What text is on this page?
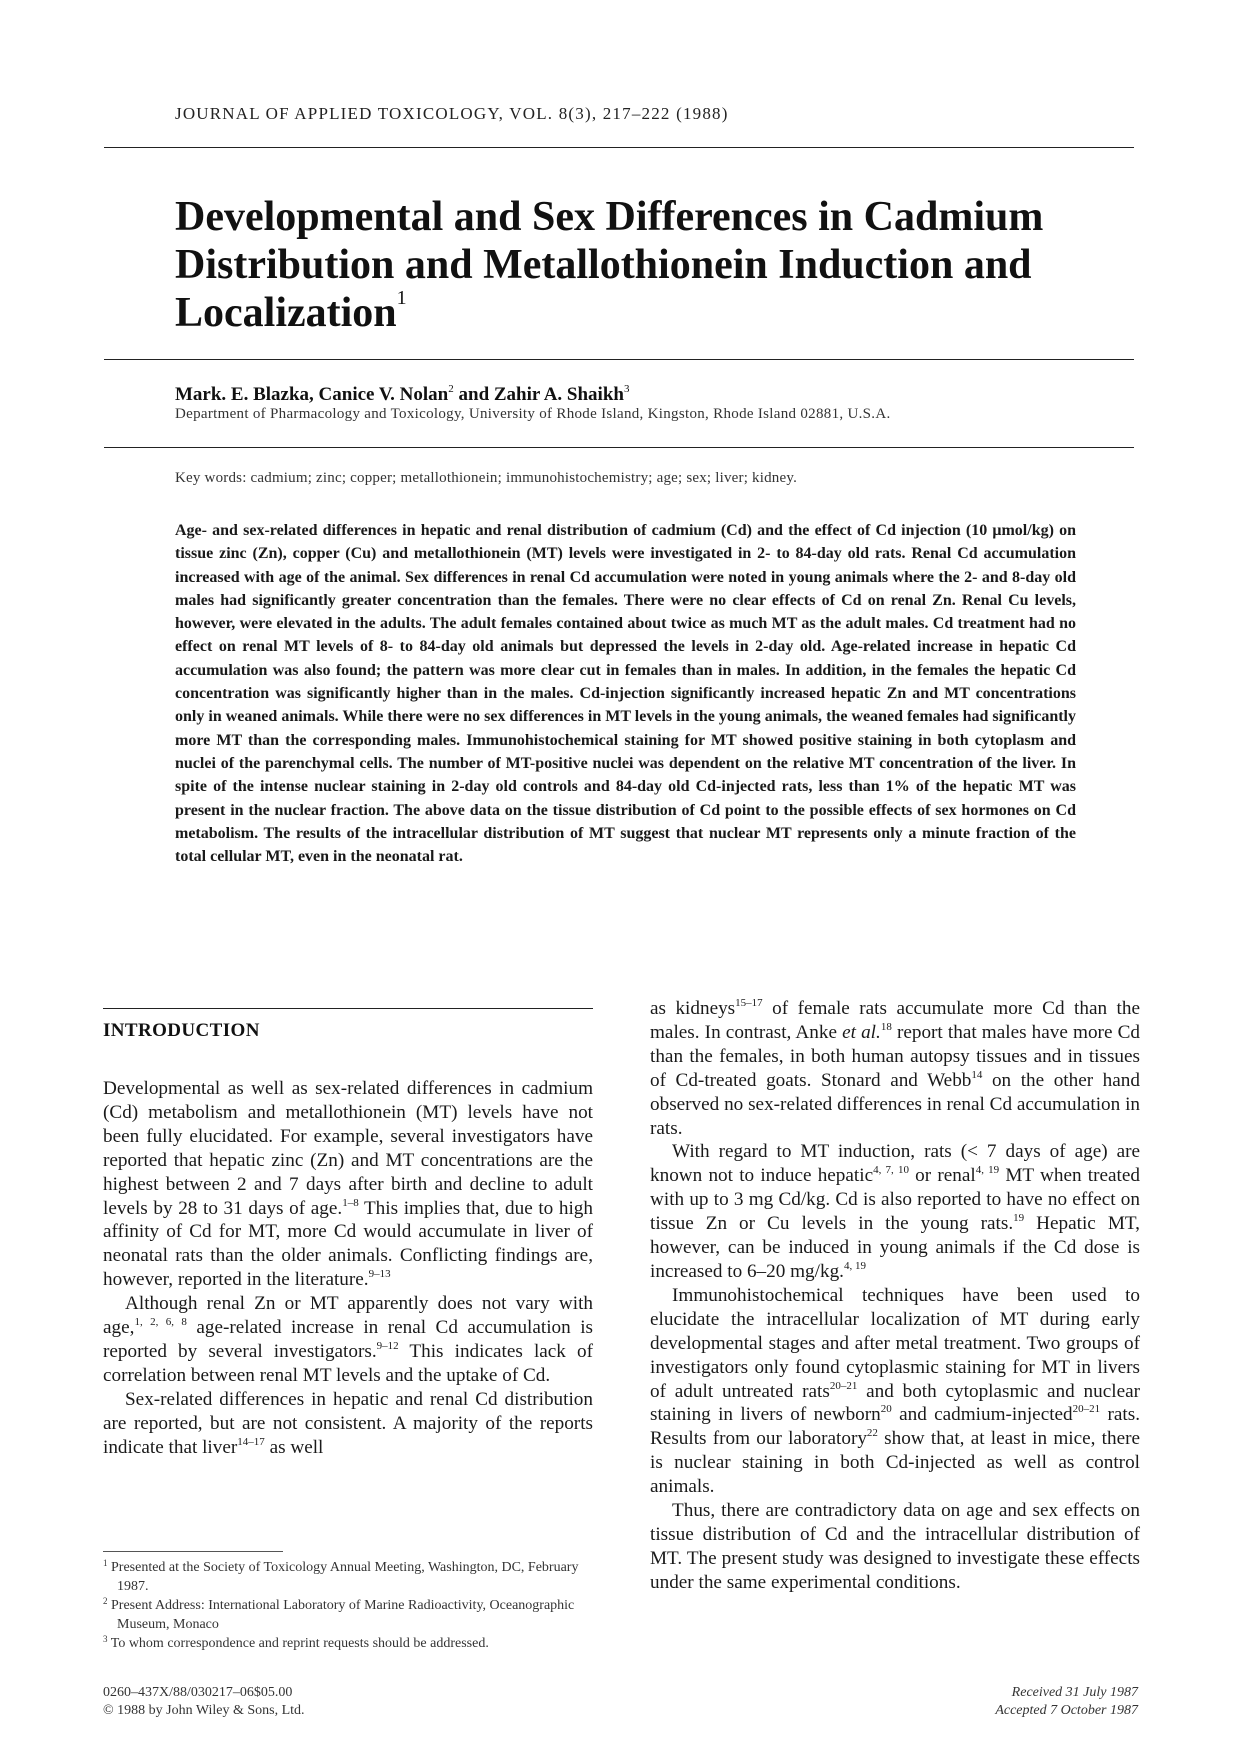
JOURNAL OF APPLIED TOXICOLOGY, VOL. 8(3), 217–222 (1988)
Developmental and Sex Differences in Cadmium
Distribution and Metallothionein Induction and
Localization$^1$
Mark. E. Blazka, Canice V. Nolan$^2$ and Zahir A. Shaikh$^3$
Department of Pharmacology and Toxicology, University of Rhode Island, Kingston, Rhode Island 02881, U.S.A.
Key words: cadmium; zinc; copper; metallothionein; immunohistochemistry; age; sex; liver; kidney.

Age- and sex-related differences in hepatic and renal distribution of cadmium (Cd) and the effect of Cd injection (10 μmol/kg) on tissue zinc (Zn), copper (Cu) and metallothionein (MT) levels were investigated in 2- to 84-day old rats. Renal Cd accumulation increased with age of the animal. Sex differences in renal Cd accumulation were noted in young animals where the 2- and 8-day old males had significantly greater concentration than the females. There were no clear effects of Cd on renal Zn. Renal Cu levels, however, were elevated in the adults. The adult females contained about twice as much MT as the adult males. Cd treatment had no effect on renal MT levels of 8- to 84-day old animals but depressed the levels in 2-day old. Age-related increase in hepatic Cd accumulation was also found; the pattern was more clear cut in females than in males. In addition, in the females the hepatic Cd concentration was significantly higher than in the males. Cd-injection significantly increased hepatic Zn and MT concentrations only in weaned animals. While there were no sex differences in MT levels in the young animals, the weaned females had significantly more MT than the corresponding males. Immunohistochemical staining for MT showed positive staining in both cytoplasm and nuclei of the parenchymal cells. The number of MT-positive nuclei was dependent on the relative MT concentration of the liver. In spite of the intense nuclear staining in 2-day old controls and 84-day old Cd-injected rats, less than 1% of the hepatic MT was present in the nuclear fraction. The above data on the tissue distribution of Cd point to the possible effects of sex hormones on Cd metabolism. The results of the intracellular distribution of MT suggest that nuclear MT represents only a minute fraction of the total cellular MT, even in the neonatal rat.

INTRODUCTION

Developmental as well as sex-related differences in cadmium (Cd) metabolism and metallothionein (MT) levels have not been fully elucidated. For example, several investigators have reported that hepatic zinc (Zn) and MT concentrations are the highest between 2 and 7 days after birth and decline to adult levels by 28 to 31 days of age.$^{1-8}$ This implies that, due to high affinity of Cd for MT, more Cd would accumulate in liver of neonatal rats than the older animals. Conflicting findings are, however, reported in the literature.$^{9-13}$

Although renal Zn or MT apparently does not vary with age,$^{1, 2, 6, 8}$ age-related increase in renal Cd accumulation is reported by several investigators.$^{9-12}$ This indicates lack of correlation between renal MT levels and the uptake of Cd.

Sex-related differences in hepatic and renal Cd distribution are reported, but are not consistent. A majority of the reports indicate that liver$^{14-17}$ as well

as kidneys$^{15-17}$ of female rats accumulate more Cd than the males. In contrast, Anke et al.$^{18}$ report that males have more Cd than the females, in both human autopsy tissues and in tissues of Cd-treated goats. Stonard and Webb$^{14}$ on the other hand observed no sex-related differences in renal Cd accumulation in rats.

With regard to MT induction, rats (< 7 days of age) are known not to induce hepatic$^{4, 7, 10}$ or renal$^{4, 19}$ MT when treated with up to 3 mg Cd/kg. Cd is also reported to have no effect on tissue Zn or Cu levels in the young rats.$^{19}$ Hepatic MT, however, can be induced in young animals if the Cd dose is increased to 6–20 mg/kg.$^{4, 19}$

Immunohistochemical techniques have been used to elucidate the intracellular localization of MT during early developmental stages and after metal treatment. Two groups of investigators only found cytoplasmic staining for MT in livers of adult untreated rats$^{20-21}$ and both cytoplasmic and nuclear staining in livers of newborn$^{20}$ and cadmium-injected$^{20-21}$ rats. Results from our laboratory$^{22}$ show that, at least in mice, there is nuclear staining in both Cd-injected as well as control animals.

Thus, there are contradictory data on age and sex effects on tissue distribution of Cd and the intracellular distribution of MT. The present study was designed to investigate these effects under the same experimental conditions.

$^1$ Presented at the Society of Toxicology Annual Meeting, Washington, DC, February 1987.

$^2$ Present Address: International Laboratory of Marine Radioactivity, Oceanographic Museum, Monaco

$^3$ To whom correspondence and reprint requests should be addressed.

0260–437X/88/030217–06$05.00
© 1988 by John Wiley & Sons, Ltd.
Received 31 July 1987
Accepted 7 October 1987
